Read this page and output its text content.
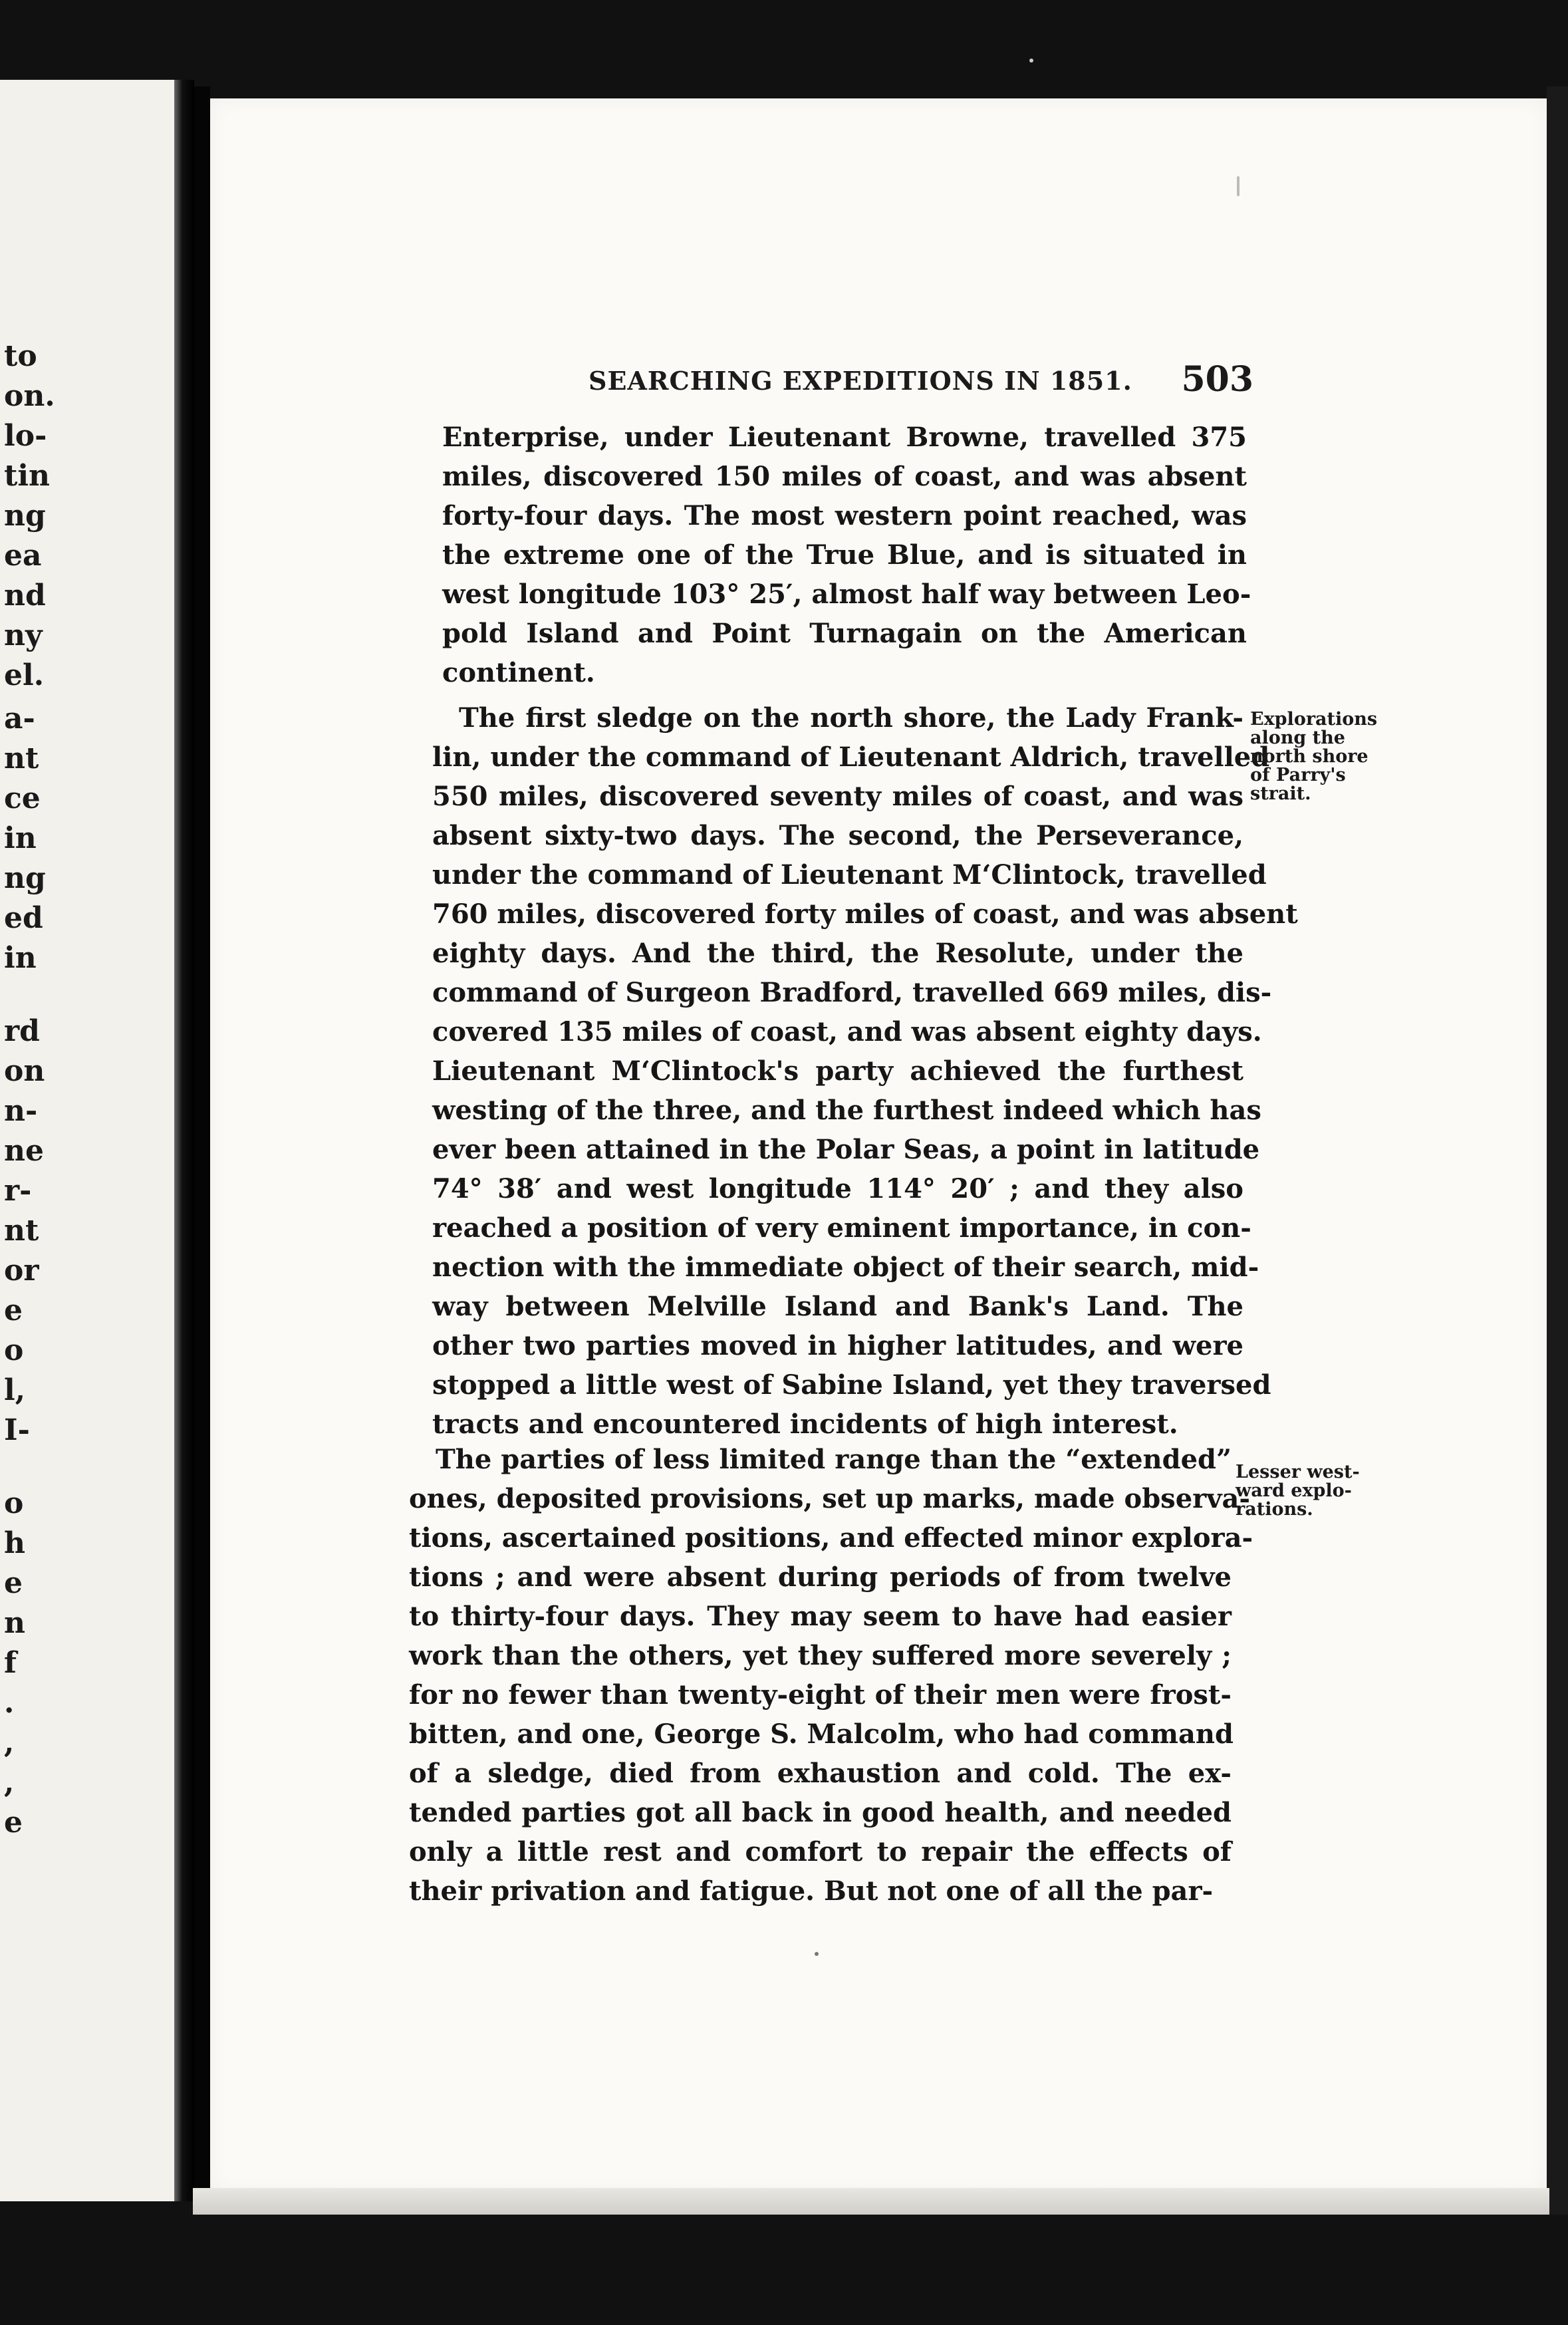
to
on.
lo-
tin
ng
ea
nd
ny
el.
a-
nt
ce
in
ng
ed
in
rd
on
n-
ne
r-
nt
or
e
o
l,
I-
o
h
e
n
f
.
,
,
e
SEARCHING EXPEDITIONS IN 1851. 503
Enterprise, under Lieutenant Browne, travelled 375
miles, discovered 150 miles of coast, and was absent
forty-four days. The most western point reached, was
the extreme one of the True Blue, and is situated in
west longitude 103° 25′, almost half way between Leo-
pold Island and Point Turnagain on the American
continent.
The first sledge on the north shore, the Lady Frank-
lin, under the command of Lieutenant Aldrich, travelled
550 miles, discovered seventy miles of coast, and was
absent sixty-two days. The second, the Perseverance,
under the command of Lieutenant M‘Clintock, travelled
760 miles, discovered forty miles of coast, and was absent
eighty days. And the third, the Resolute, under the
command of Surgeon Bradford, travelled 669 miles, dis-
covered 135 miles of coast, and was absent eighty days.
Lieutenant M‘Clintock's party achieved the furthest
westing of the three, and the furthest indeed which has
ever been attained in the Polar Seas, a point in latitude
74° 38′ and west longitude 114° 20′ ; and they also
reached a position of very eminent importance, in con-
nection with the immediate object of their search, mid-
way between Melville Island and Bank's Land. The
other two parties moved in higher latitudes, and were
stopped a little west of Sabine Island, yet they traversed
tracts and encountered incidents of high interest.
The parties of less limited range than the “extended”
ones, deposited provisions, set up marks, made observa-
tions, ascertained positions, and effected minor explora-
tions ; and were absent during periods of from twelve
to thirty-four days. They may seem to have had easier
work than the others, yet they suffered more severely ;
for no fewer than twenty-eight of their men were frost-
bitten, and one, George S. Malcolm, who had command
of a sledge, died from exhaustion and cold. The ex-
tended parties got all back in good health, and needed
only a little rest and comfort to repair the effects of
their privation and fatigue. But not one of all the par-
Explorations
along the
north shore
of Parry's
strait.
Lesser west-
ward explo-
rations.
